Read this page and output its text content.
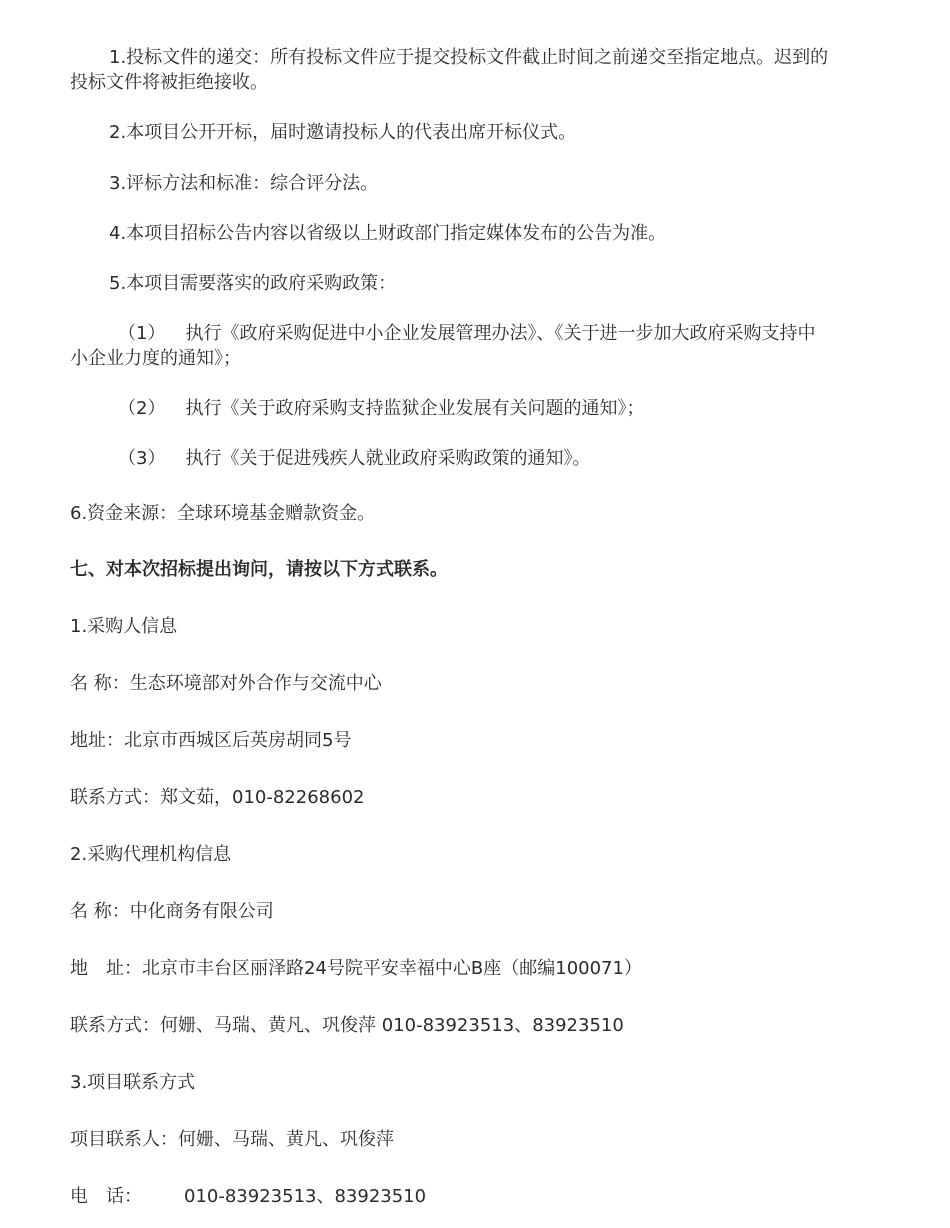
1.投标文件的递交：所有投标文件应于提交投标文件截止时间之前递交至指定地点。迟到的
投标文件将被拒绝接收。
2.本项目公开开标，届时邀请投标人的代表出席开标仪式。
3.评标方法和标准：综合评分法。
4.本项目招标公告内容以省级以上财政部门指定媒体发布的公告为准。
5.本项目需要落实的政府采购政策：
（1） 执行《政府采购促进中小企业发展管理办法》、《关于进一步加大政府采购支持中
小企业力度的通知》；
（2） 执行《关于政府采购支持监狱企业发展有关问题的通知》；
（3） 执行《关于促进残疾人就业政府采购政策的通知》。
6.资金来源：全球环境基金赠款资金。
七、对本次招标提出询问，请按以下方式联系。
1.采购人信息
名 称：生态环境部对外合作与交流中心
地址：北京市西城区后英房胡同5号
联系方式：郑文茹，010-82268602
2.采购代理机构信息
名 称：中化商务有限公司
地　址：北京市丰台区丽泽路24号院平安幸福中心B座（邮编100071）
联系方式：何姗、马瑞、黄凡、巩俊萍 010-83923513、83923510
3.项目联系方式
项目联系人：何姗、马瑞、黄凡、巩俊萍
电　话： 010-83923513、83923510
